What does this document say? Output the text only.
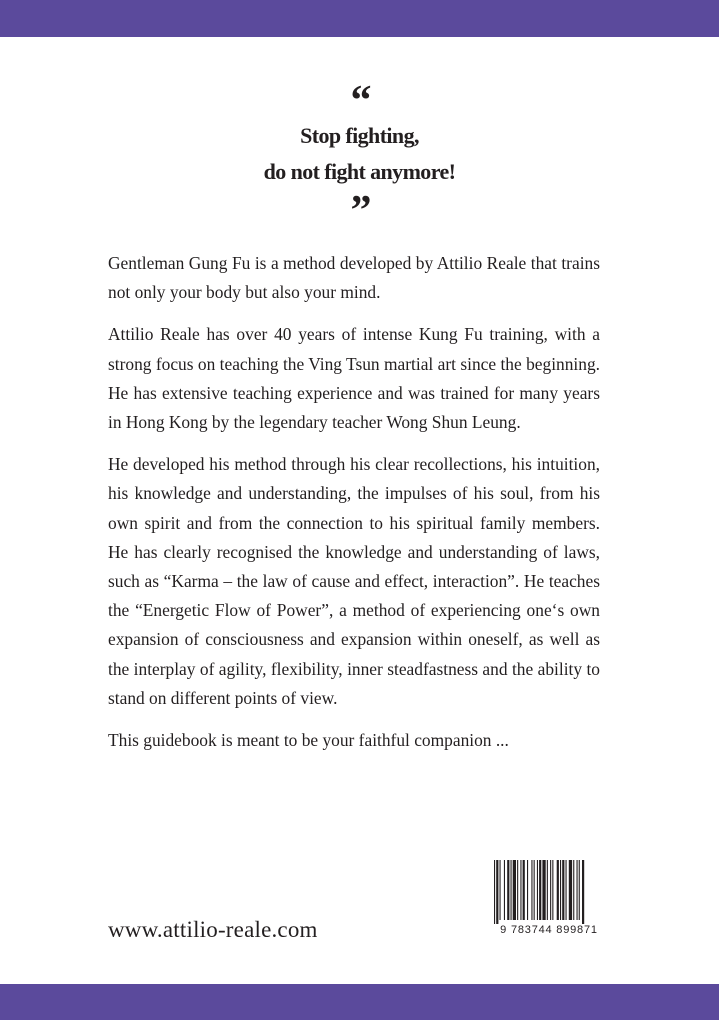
“
Stop fighting,
do not fight anymore!
”

Gentleman Gung Fu is a method developed by Attilio Reale that trains not only your body but also your mind.

Attilio Reale has over 40 years of intense Kung Fu training, with a strong focus on teaching the Ving Tsun martial art since the beginning. He has extensive teaching experience and was trained for many years in Hong Kong by the legendary teacher Wong Shun Leung.

He developed his method through his clear recollections, his intuition, his knowledge and understanding, the impulses of his soul, from his own spirit and from the connection to his spiritual family members. He has clearly recognised the knowledge and understanding of laws, such as “Karma – the law of cause and effect, interaction”. He teaches the “Energetic Flow of Power”, a method of experiencing one‘s own expansion of consciousness and expansion within oneself, as well as the interplay of agility, flexibility, inner steadfastness and the ability to stand on different points of view.

This guidebook is meant to be your faithful companion ...

www.attilio-reale.com	9 783744 899871
